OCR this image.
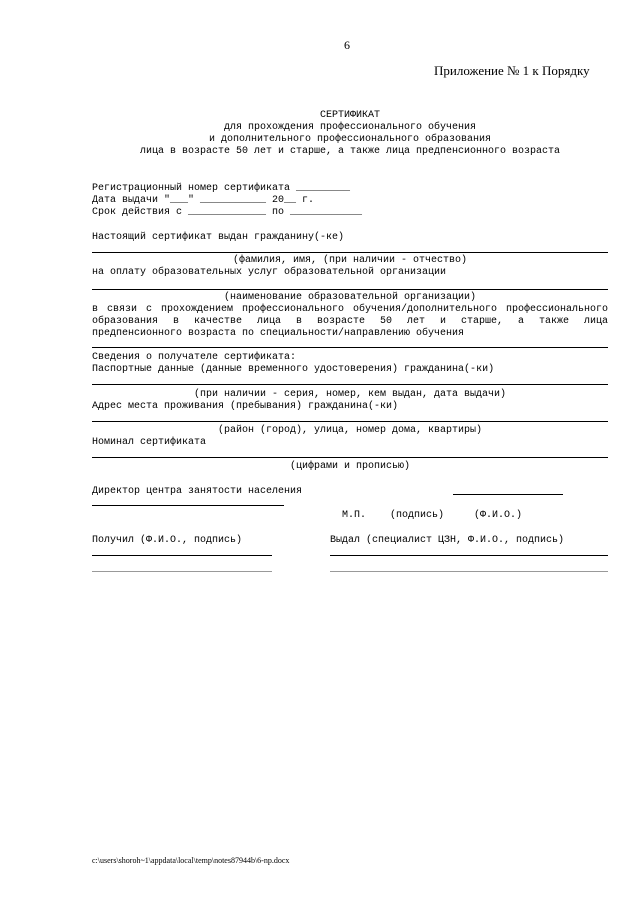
6
Приложение № 1 к Порядку
СЕРТИФИКАТ
для прохождения профессионального обучения
и дополнительного профессионального образования
лица в возрасте 50 лет и старше, а также лица предпенсионного возраста
Регистрационный номер сертификата _________
Дата выдачи "___" ___________ 20__ г.
Срок действия с _____________ по ____________
Настоящий сертификат выдан гражданину(-ке)
(фамилия, имя, (при наличии - отчество)
на оплату образовательных услуг образовательной организации
(наименование образовательной организации)
в связи с прохождением профессионального обучения/дополнительного профессионального
образования в качестве лица в возрасте 50 лет и старше, а также лица
предпенсионного возраста по специальности/направлению обучения
Сведения о получателе сертификата:
Паспортные данные (данные временного удостоверения) гражданина(-ки)
(при наличии - серия, номер, кем выдан, дата выдачи)
Адрес места проживания (пребывания) гражданина(-ки)
(район (город), улица, номер дома, квартиры)
Номинал сертификата
(цифрами и прописью)
Директор центра занятости населения
М.П.    (подпись)     (Ф.И.О.)
Получил (Ф.И.О., подпись)	Выдал (специалист ЦЗН, Ф.И.О., подпись)
c:\users\shoroh~1\appdata\local\temp\notes87944b\6-np.docx
